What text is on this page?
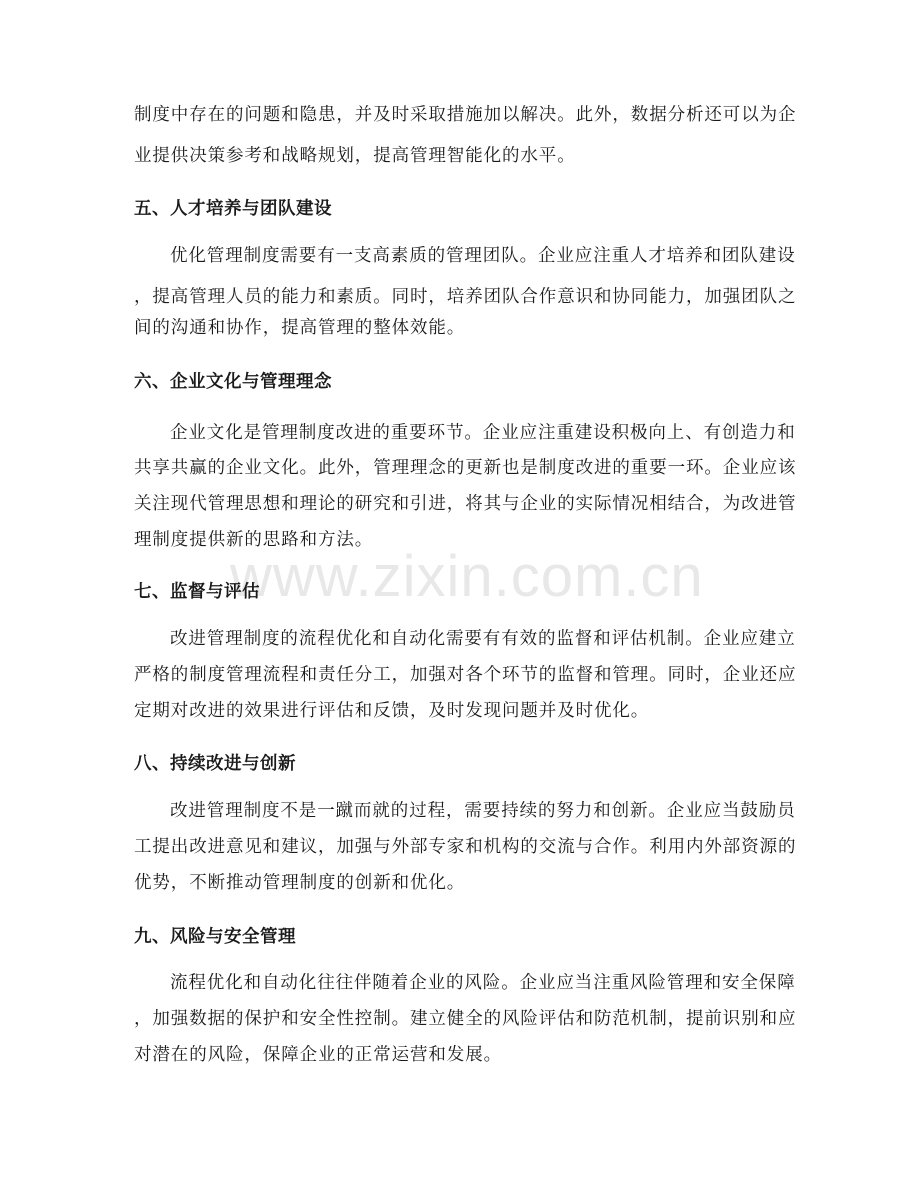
www.zixin.com.cn
制度中存在的问题和隐患，并及时采取措施加以解决。此外，数据分析还可以为企
业提供决策参考和战略规划，提高管理智能化的水平。
五、人才培养与团队建设
优化管理制度需要有一支高素质的管理团队。企业应注重人才培养和团队建设
，提高管理人员的能力和素质。同时，培养团队合作意识和协同能力，加强团队之
间的沟通和协作，提高管理的整体效能。
六、企业文化与管理理念
企业文化是管理制度改进的重要环节。企业应注重建设积极向上、有创造力和
共享共赢的企业文化。此外，管理理念的更新也是制度改进的重要一环。企业应该
关注现代管理思想和理论的研究和引进，将其与企业的实际情况相结合，为改进管
理制度提供新的思路和方法。
七、监督与评估
改进管理制度的流程优化和自动化需要有有效的监督和评估机制。企业应建立
严格的制度管理流程和责任分工，加强对各个环节的监督和管理。同时，企业还应
定期对改进的效果进行评估和反馈，及时发现问题并及时优化。
八、持续改进与创新
改进管理制度不是一蹴而就的过程，需要持续的努力和创新。企业应当鼓励员
工提出改进意见和建议，加强与外部专家和机构的交流与合作。利用内外部资源的
优势，不断推动管理制度的创新和优化。
九、风险与安全管理
流程优化和自动化往往伴随着企业的风险。企业应当注重风险管理和安全保障
，加强数据的保护和安全性控制。建立健全的风险评估和防范机制，提前识别和应
对潜在的风险，保障企业的正常运营和发展。
